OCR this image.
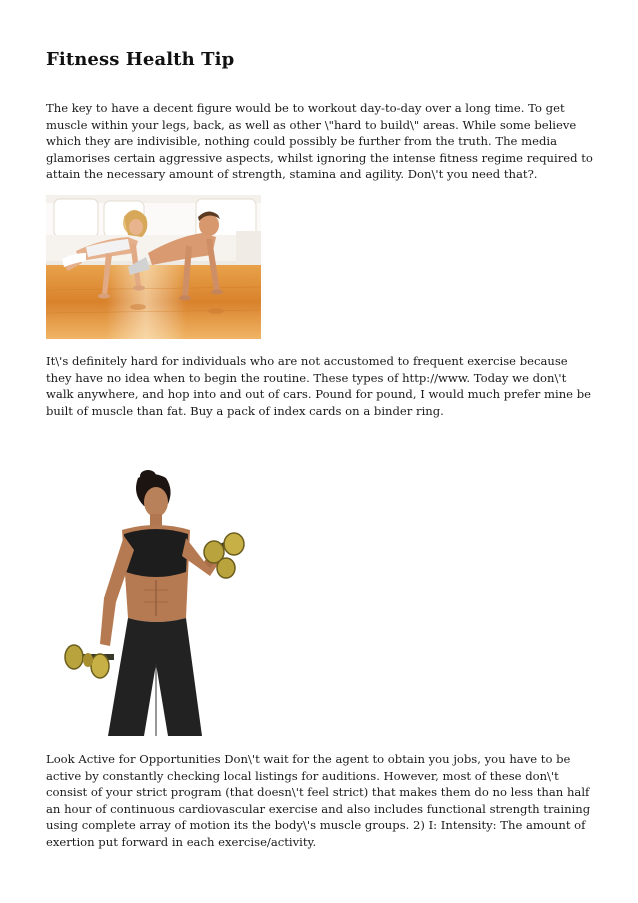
Fitness Health Tip

The key to have a decent figure would be to workout day-to-day over a long time. To get muscle within your legs, back, as well as other \"hard to build\" areas. While some believe which they are indivisible, nothing could possibly be further from the truth. The media glamorises certain aggressive aspects, whilst ignoring the intense fitness regime required to attain the necessary amount of strength, stamina and agility. Don\'t you need that?.

It\'s definitely hard for individuals who are not accustomed to frequent exercise because they have no idea when to begin the routine. These types of http://www. Today we don\'t walk anywhere, and hop into and out of cars. Pound for pound, I would much prefer mine be built of muscle than fat. Buy a pack of index cards on a binder ring.

Look Active for Opportunities Don\'t wait for the agent to obtain you jobs, you have to be active by constantly checking local listings for auditions. However, most of these don\'t consist of your strict program (that doesn\'t feel strict) that makes them do no less than half an hour of continuous cardiovascular exercise and also includes functional strength training using complete array of motion its the body\'s muscle groups. 2) I: Intensity: The amount of exertion put forward in each exercise/activity.
